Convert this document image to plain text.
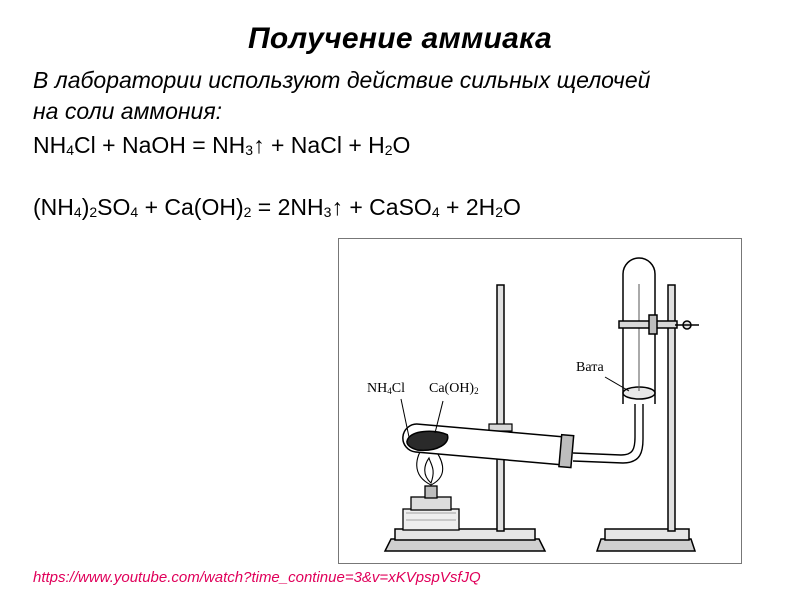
Получение аммиака

В лаборатории используют действие сильных щелочей

на соли аммония:

$NH_4Cl$ + NaOH = $NH_3↑$ + NaCl + $H_2O$

$(NH_4)_2SO_4 + Ca(OH)_2$ = $2NH_3↑$ + CaSO$_4$ + $2H_2O$

$NH_4Cl$ $Ca(OH)_2$

Вата

https://www.youtube.com/watch?time_continue=3&v=xKVpspVsfJQ
